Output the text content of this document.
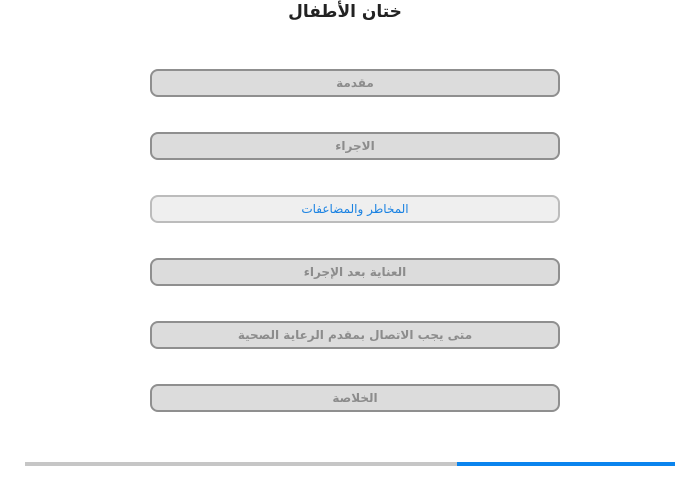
ختان الأطفال
مقدمة
الاجراء
المخاطر والمضاعفات
العناية بعد الإجراء
متى يجب الاتصال بمقدم الرعاية الصحية
الخلاصة
